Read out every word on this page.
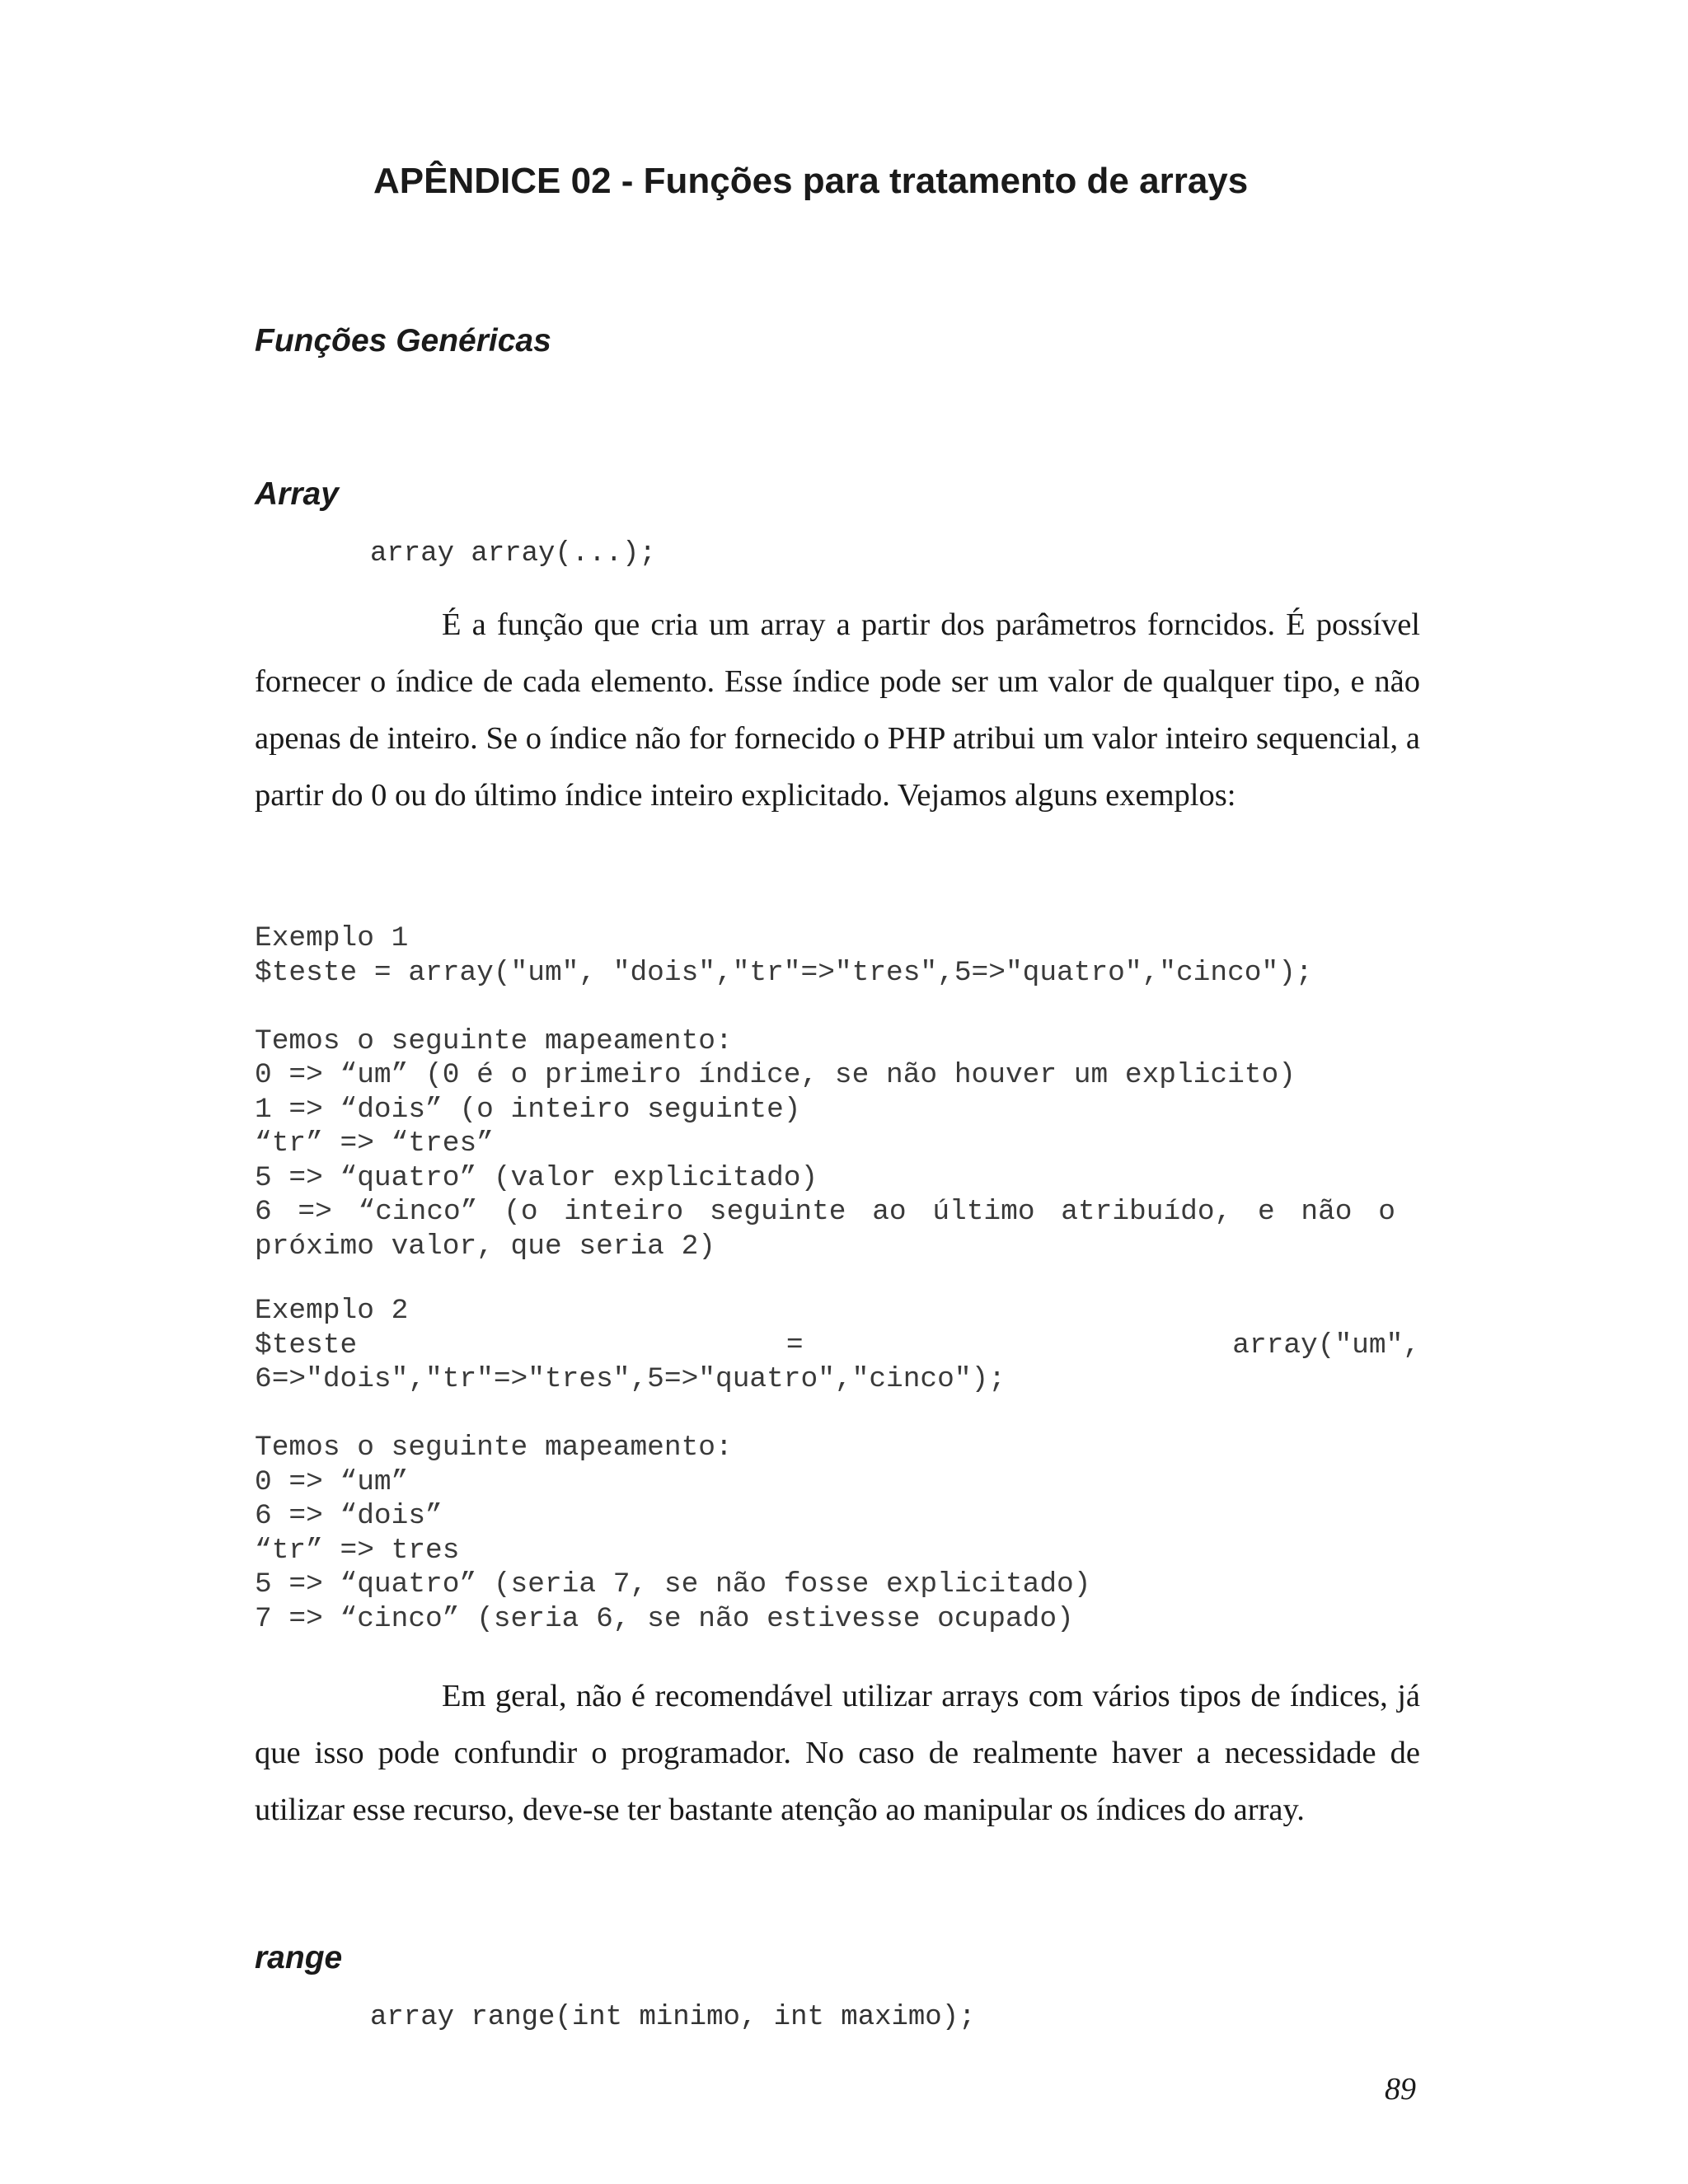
APÊNDICE 02 - Funções para tratamento de arrays
Funções Genéricas
Array
array array(...);

É a função que cria um array a partir dos parâmetros forncidos. É possível fornecer o índice de cada elemento. Esse índice pode ser um valor de qualquer tipo, e não apenas de inteiro. Se o índice não for fornecido o PHP atribui um valor inteiro sequencial, a partir do 0 ou do último índice inteiro explicitado. Vejamos alguns exemplos:

Exemplo 1
$teste = array("um", "dois","tr"=>"tres",5=>"quatro","cinco");
Temos o seguinte mapeamento:
0 => “um” (0 é o primeiro índice, se não houver um explicito)
1 => “dois” (o inteiro seguinte)
“tr” => “tres”
5 => “quatro” (valor explicitado)
6 => “cinco” (o inteiro seguinte ao último atribuído, e não o
próximo valor, que seria 2)
Exemplo 2
$teste	=	array("um",
6=>"dois","tr"=>"tres",5=>"quatro","cinco");
Temos o seguinte mapeamento:
0 => “um”
6 => “dois”
“tr” => tres
5 => “quatro” (seria 7, se não fosse explicitado)
7 => “cinco” (seria 6, se não estivesse ocupado)

Em geral, não é recomendável utilizar arrays com vários tipos de índices, já que isso pode confundir o programador. No caso de realmente haver a necessidade de utilizar esse recurso, deve-se ter bastante atenção ao manipular os índices do array.

range
array range(int minimo, int maximo);
89
